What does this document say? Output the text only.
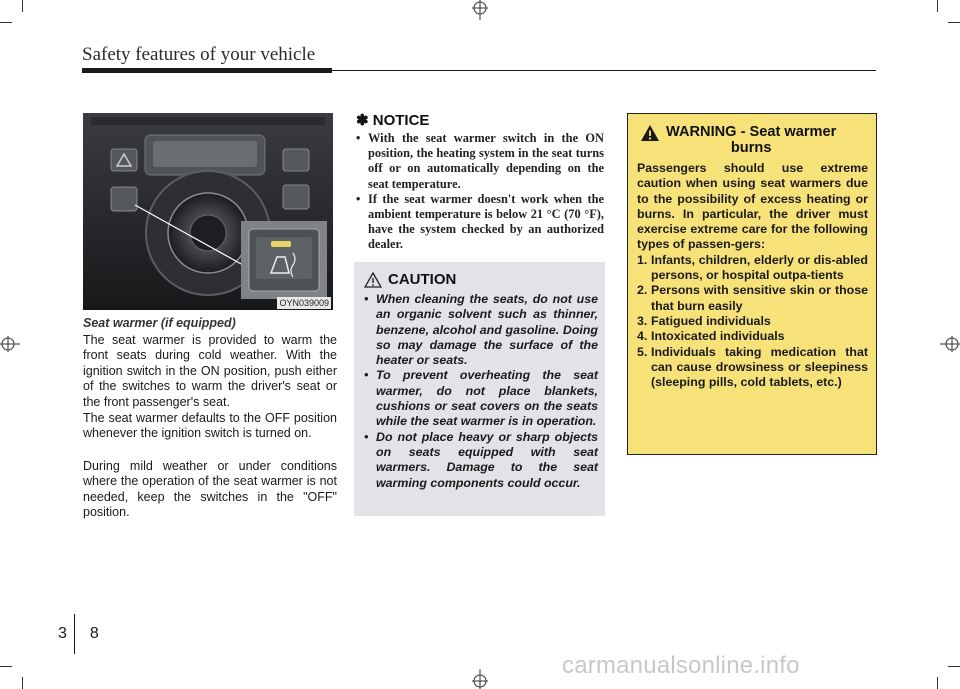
Safety features of your vehicle
OYN039009
Seat warmer (if equipped)
The seat warmer is provided to warm the front seats during cold weather. With the ignition switch in the ON position, push either of the switches to warm the driver's seat or the front passenger's seat.
The seat warmer defaults to the OFF position whenever the ignition switch is turned on.
During mild weather or under conditions where the operation of the seat warmer is not needed, keep the switches in the "OFF" position.
✽ NOTICE
• With the seat warmer switch in the ON position, the heating system in the seat turns off or on automatically depending on the seat temperature.
• If the seat warmer doesn't work when the ambient temperature is below 21 °C (70 °F), have the system checked by an authorized dealer.
CAUTION
• When cleaning the seats, do not use an organic solvent such as thinner, benzene, alcohol and gasoline. Doing so may damage the surface of the heater or seats.
• To prevent overheating the seat warmer, do not place blankets, cushions or seat covers on the seats while the seat warmer is in operation.
• Do not place heavy or sharp objects on seats equipped with seat warmers. Damage to the seat warming components could occur.
WARNING - Seat warmer
burns
Passengers should use extreme caution when using seat warmers due to the possibility of excess heating or burns. In particular, the driver must exercise extreme care for the following types of passen-gers:
1. Infants, children, elderly or dis-abled persons, or hospital outpa-tients
2. Persons with sensitive skin or those that burn easily
3. Fatigued individuals
4. Intoxicated individuals
5. Individuals taking medication that can cause drowsiness or sleepiness (sleeping pills, cold tablets, etc.)
3 8
carmanualsonline.info
